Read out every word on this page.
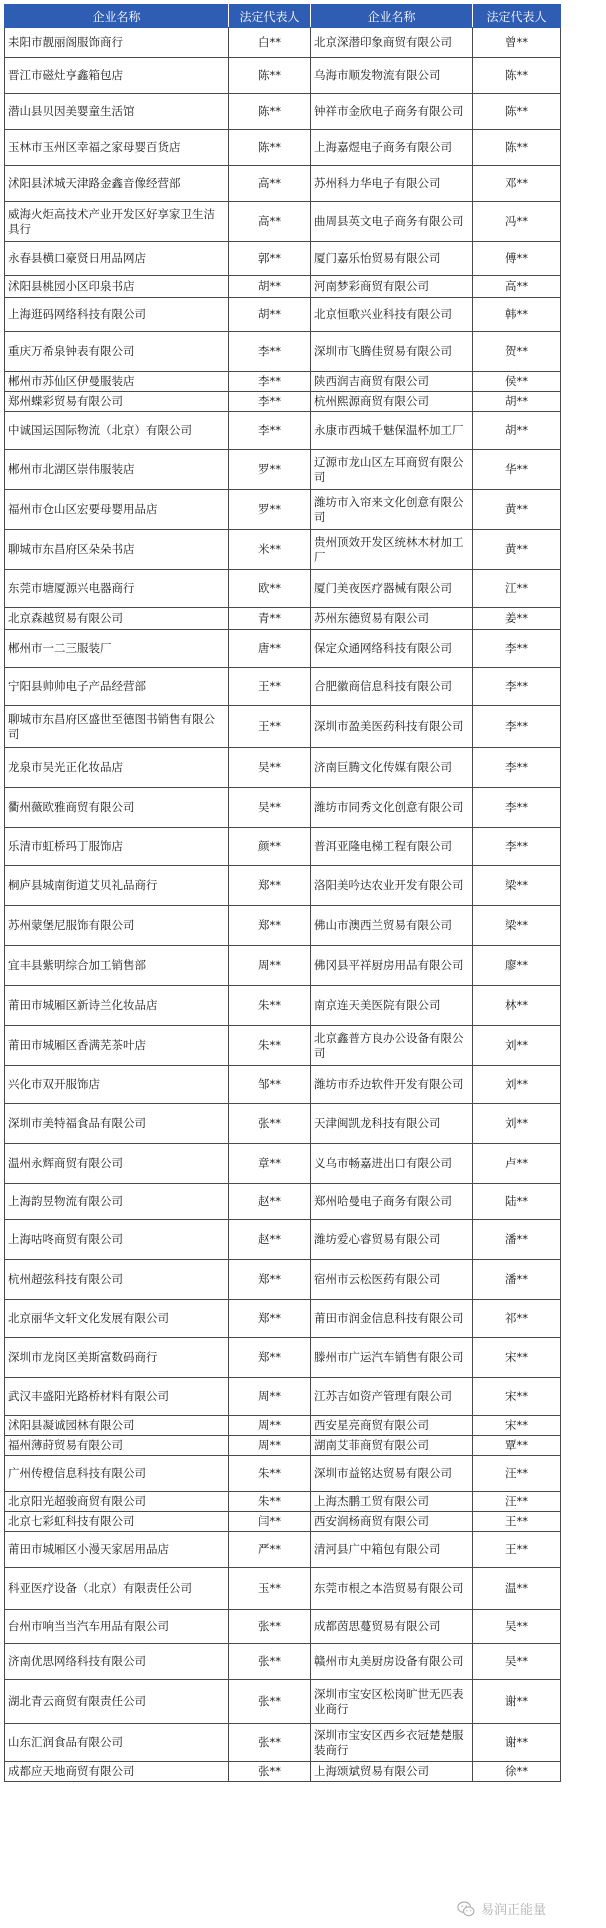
企业名称	法定代表人	企业名称	法定代表人
耒阳市靓丽阁服饰商行	白**	北京深潜印象商贸有限公司	曾**
晋江市磁灶亨鑫箱包店	陈**	乌海市顺发物流有限公司	陈**
潜山县贝因美婴童生活馆	陈**	钟祥市金欣电子商务有限公司	陈**
玉林市玉州区幸福之家母婴百货店	陈**	上海嘉煜电子商务有限公司	陈**
沭阳县沭城天津路金鑫音像经营部	高**	苏州科力华电子有限公司	邓**
威海火炬高技术产业开发区好享家卫生洁具行	高**	曲周县英文电子商务有限公司	冯**
永春县横口豪贤日用品网店	郭**	厦门嘉乐怡贸易有限公司	傅**
沭阳县桃园小区印泉书店	胡**	河南梦彩商贸有限公司	高**
上海逛码网络科技有限公司	胡**	北京恒歌兴业科技有限公司	韩**
重庆万希泉钟表有限公司	李**	深圳市飞腾佳贸易有限公司	贺**
郴州市苏仙区伊曼服装店	李**	陕西润吉商贸有限公司	侯**
郑州蝶彩贸易有限公司	李**	杭州熙源商贸有限公司	胡**
中诚国运国际物流（北京）有限公司	李**	永康市西城千魅保温杯加工厂	胡**
郴州市北湖区崇伟服装店	罗**	辽源市龙山区左耳商贸有限公司	华**
福州市仓山区宏要母婴用品店	罗**	潍坊市入帘来文化创意有限公司	黄**
聊城市东昌府区朵朵书店	米**	贵州顶效开发区统林木材加工厂	黄**
东莞市塘厦源兴电器商行	欧**	厦门美夜医疗器械有限公司	江**
北京森越贸易有限公司	青**	苏州东德贸易有限公司	姜**
郴州市一二三服装厂	唐**	保定众通网络科技有限公司	李**
宁阳县帅帅电子产品经营部	王**	合肥徽商信息科技有限公司	李**
聊城市东昌府区盛世至德图书销售有限公司	王**	深圳市盈美医药科技有限公司	李**
龙泉市吴光正化妆品店	吴**	济南巨腾文化传媒有限公司	李**
衢州薇欧雅商贸有限公司	吴**	潍坊市同秀文化创意有限公司	李**
乐清市虹桥玛丁服饰店	颜**	普洱亚隆电梯工程有限公司	李**
桐庐县城南街道艾贝礼品商行	郑**	洛阳美吟达农业开发有限公司	梁**
苏州蒙堡尼服饰有限公司	郑**	佛山市澳西兰贸易有限公司	梁**
宜丰县紫明综合加工销售部	周**	佛冈县平祥厨房用品有限公司	廖**
莆田市城厢区新诗兰化妆品店	朱**	南京连天美医院有限公司	林**
莆田市城厢区香满芜茶叶店	朱**	北京鑫普方良办公设备有限公司	刘**
兴化市双开服饰店	邹**	潍坊市乔边软件开发有限公司	刘**
深圳市美特福食品有限公司	张**	天津闽凯龙科技有限公司	刘**
温州永辉商贸有限公司	章**	义乌市畅嘉进出口有限公司	卢**
上海韵昱物流有限公司	赵**	郑州哈曼电子商务有限公司	陆**
上海咕咚商贸有限公司	赵**	潍坊爱心睿贸易有限公司	潘**
杭州超弦科技有限公司	郑**	宿州市云松医药有限公司	潘**
北京丽华文轩文化发展有限公司	郑**	莆田市润金信息科技有限公司	祁**
深圳市龙岗区美斯富数码商行	郑**	滕州市广运汽车销售有限公司	宋**
武汉丰盛阳光路桥材料有限公司	周**	江苏吉如资产管理有限公司	宋**
沭阳县凝诚园林有限公司	周**	西安星亮商贸有限公司	宋**
福州薄莳贸易有限公司	周**	湖南艾菲商贸有限公司	覃**
广州传橙信息科技有限公司	朱**	深圳市益铭达贸易有限公司	汪**
北京阳光超骏商贸有限公司	朱**	上海杰鹏工贸有限公司	汪**
北京七彩虹科技有限公司	闫**	西安润杨商贸有限公司	王**
莆田市城厢区小漫天家居用品店	严**	清河县广中箱包有限公司	王**
科亚医疗设备（北京）有限责任公司	玉**	东莞市根之本浩贸易有限公司	温**
台州市响当当汽车用品有限公司	张**	成都茵思蔓贸易有限公司	吴**
济南优思网络科技有限公司	张**	赣州市丸美厨房设备有限公司	吴**
湖北青云商贸有限责任公司	张**	深圳市宝安区松岗旷世无匹表业商行	谢**
山东汇润食品有限公司	张**	深圳市宝安区西乡衣冠楚楚服装商行	谢**
成都应天地商贸有限公司	张**	上海颂斌贸易有限公司	徐**
易润正能量
